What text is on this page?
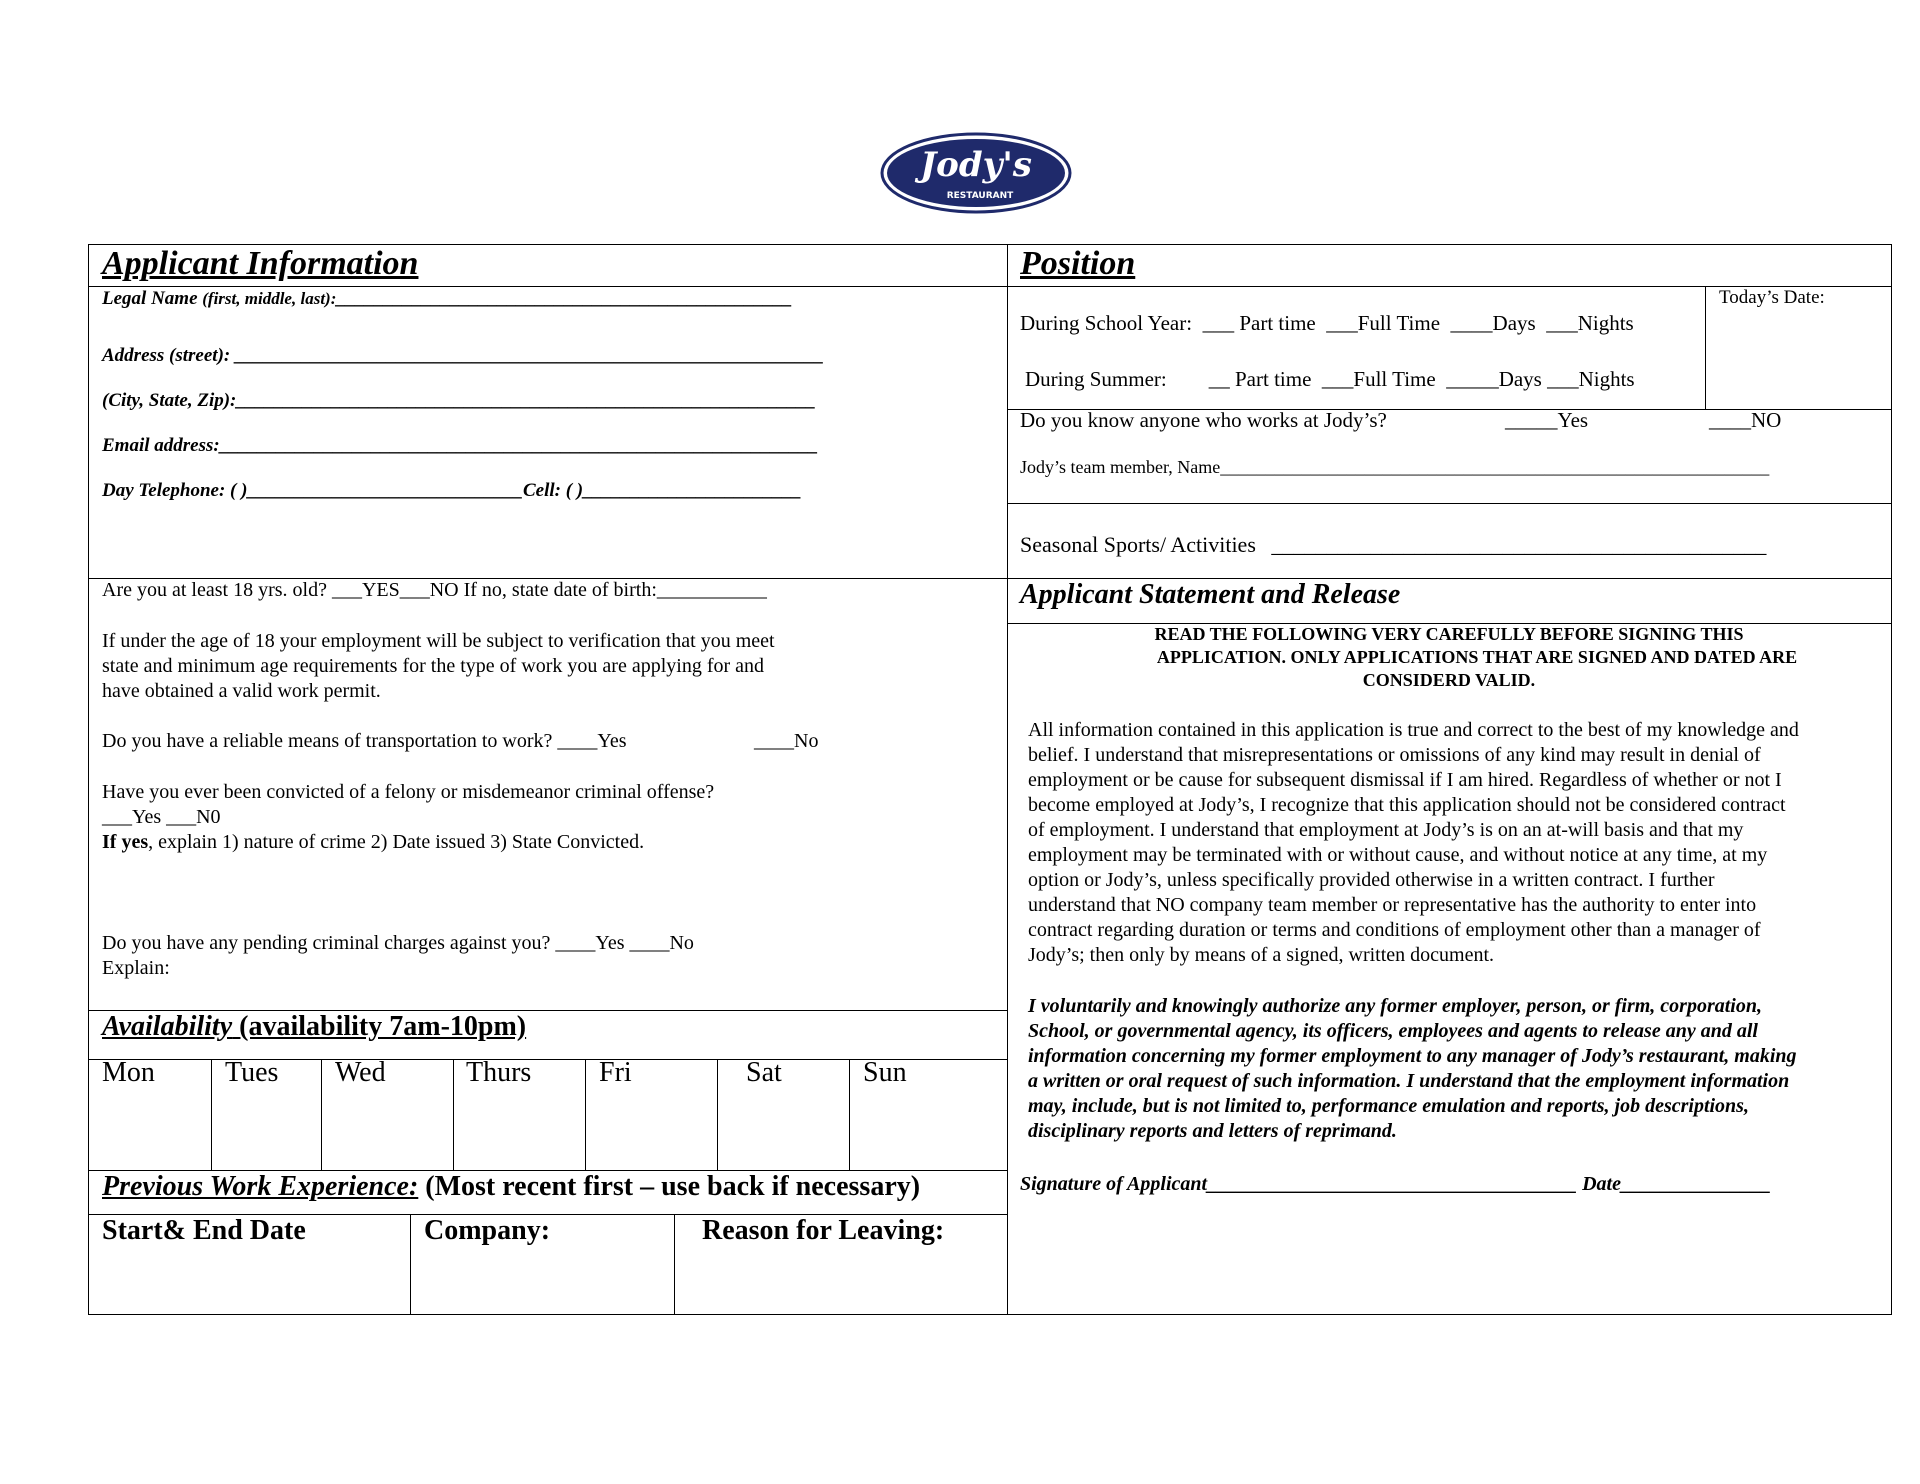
Jody's
RESTAURANT
Applicant Information
Legal Name (first, middle, last):________________________________________________
Address (street): ______________________________________________________________
(City, State, Zip):_____________________________________________________________
Email address:_______________________________________________________________
Day Telephone: ( )_____________________________Cell: ( )_______________________
Are you at least 18 yrs. old? ___YES___NO If no, state date of birth:___________
If under the age of 18 your employment will be subject to verification that you meet
state and minimum age requirements for the type of work you are applying for and
have obtained a valid work permit.
Do you have a reliable means of transportation to work? ____Yes	____No
Have you ever been convicted of a felony or misdemeanor criminal offense?
___Yes ___N0
If yes, explain 1) nature of crime 2) Date issued 3) State Convicted.
Do you have any pending criminal charges against you? ____Yes ____No
Explain:
Availability (availability 7am-10pm)
Mon	Tues Wed	Thurs Fri	Sat	Sun
Previous Work Experience: (Most recent first – use back if necessary)
Start& End Date	Company:	Reason for Leaving:
Position
During School Year:  ___ Part time  ___Full Time  ____Days  ___Nights
During Summer:        __ Part time  ___Full Time  _____Days ___Nights
Today’s Date:
Do you know anyone who works at Jody’s?	_____Yes	____NO
Jody’s team member, Name_____________________________________________________________
Seasonal Sports/ Activities _____________________________________________
Applicant Statement and Release
READ THE FOLLOWING VERY CAREFULLY BEFORE SIGNING THIS
APPLICATION. ONLY APPLICATIONS THAT ARE SIGNED AND DATED ARE
CONSIDERD VALID.
All information contained in this application is true and correct to the best of my knowledge and
belief. I understand that misrepresentations or omissions of any kind may result in denial of
employment or be cause for subsequent dismissal if I am hired. Regardless of whether or not I
become employed at Jody’s, I recognize that this application should not be considered contract
of employment. I understand that employment at Jody’s is on an at-will basis and that my
employment may be terminated with or without cause, and without notice at any time, at my
option or Jody’s, unless specifically provided otherwise in a written contract. I further
understand that NO company team member or representative has the authority to enter into
contract regarding duration or terms and conditions of employment other than a manager of
Jody’s; then only by means of a signed, written document.
I voluntarily and knowingly authorize any former employer, person, or firm, corporation,
School, or governmental agency, its officers, employees and agents to release any and all
information concerning my former employment to any manager of Jody’s restaurant, making
a written or oral request of such information. I understand that the employment information
may, include, but is not limited to, performance emulation and reports, job descriptions,
disciplinary reports and letters of reprimand.
Signature of Applicant_____________________________________ Date_______________
